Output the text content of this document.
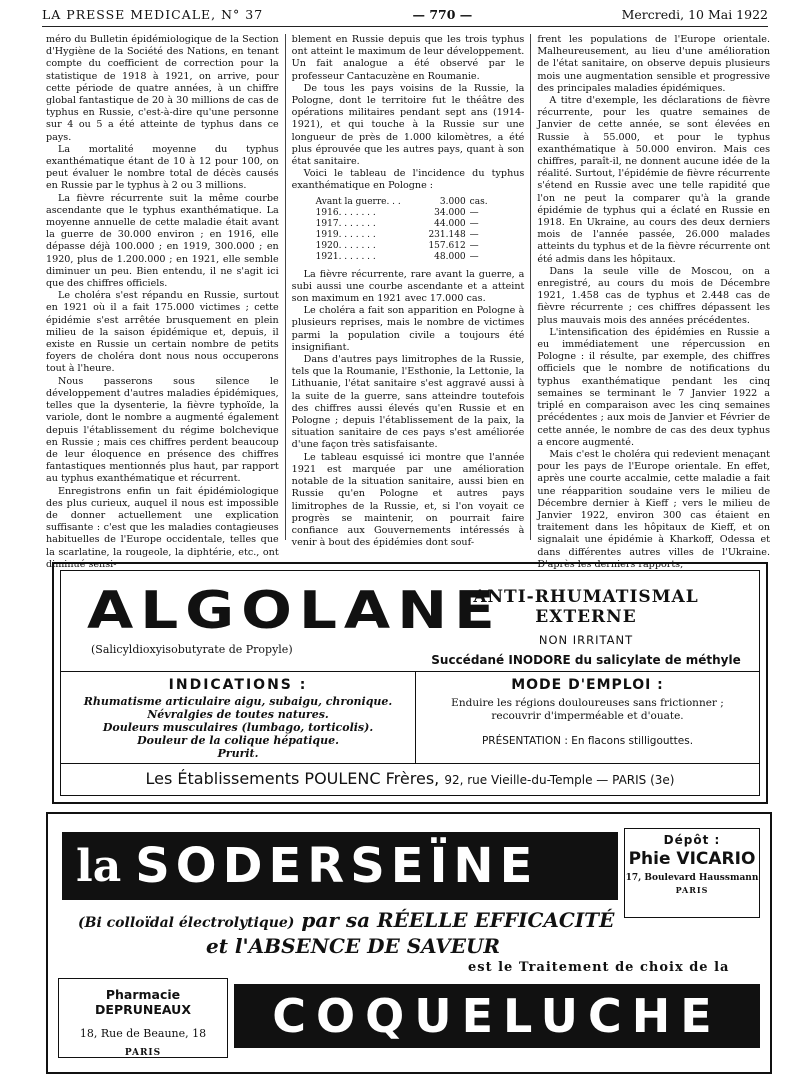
LA PRESSE MEDICALE, N° 37	— 770 —	Mercredi, 10 Mai 1922

méro du Bulletin épidémiologique de la Section d'Hygiène de la Société des Nations, en tenant compte du coefficient de correction pour la statistique de 1918 à 1921, on arrive, pour cette période de quatre années, à un chiffre global fantastique de 20 à 30 millions de cas de typhus en Russie, c'est-à-dire qu'une personne sur 4 ou 5 a été atteinte de typhus dans ce pays.

La mortalité moyenne du typhus exanthématique étant de 10 à 12 pour 100, on peut évaluer le nombre total de décès causés en Russie par le typhus à 2 ou 3 millions.

La fièvre récurrente suit la même courbe ascendante que le typhus exanthématique. La moyenne annuelle de cette maladie était avant la guerre de 30.000 environ ; en 1916, elle dépasse déjà 100.000 ; en 1919, 300.000 ; en 1920, plus de 1.200.000 ; en 1921, elle semble diminuer un peu. Bien entendu, il ne s'agit ici que des chiffres officiels.

Le choléra s'est répandu en Russie, surtout en 1921 où il a fait 175.000 victimes ; cette épidémie s'est arrêtée brusquement en plein milieu de la saison épidémique et, depuis, il existe en Russie un certain nombre de petits foyers de choléra dont nous nous occuperons tout à l'heure.

Nous passerons sous silence le développement d'autres maladies épidémiques, telles que la dysenterie, la fièvre typhoïde, la variole, dont le nombre a augmenté également depuis l'établissement du régime bolchevique en Russie ; mais ces chiffres perdent beaucoup de leur éloquence en présence des chiffres fantastiques mentionnés plus haut, par rapport au typhus exanthématique et récurrent.

Enregistrons enfin un fait épidémiologique des plus curieux, auquel il nous est impossible de donner actuellement une explication suffisante : c'est que les maladies contagieuses habituelles de l'Europe occidentale, telles que la scarlatine, la rougeole, la diphtérie, etc., ont diminué sensi-

blement en Russie depuis que les trois typhus ont atteint le maximum de leur développement. Un fait analogue a été observé par le professeur Cantacuzène en Roumanie.

De tous les pays voisins de la Russie, la Pologne, dont le territoire fut le théâtre des opérations militaires pendant sept ans (1914-1921), et qui touche à la Russie sur une longueur de près de 1.000 kilomètres, a été plus éprouvée que les autres pays, quant à son état sanitaire.

Voici le tableau de l'incidence du typhus exanthématique en Pologne :

Avant la guerre. . .	3.000 cas.
1916. . . . . . .	34.000 —
1917. . . . . . .	44.000 —
1919. . . . . . .	231.148 —
1920. . . . . . .	157.612 —
1921. . . . . . .	48.000 —

La fièvre récurrente, rare avant la guerre, a subi aussi une courbe ascendante et a atteint son maximum en 1921 avec 17.000 cas.

Le choléra a fait son apparition en Pologne à plusieurs reprises, mais le nombre de victimes parmi la population civile a toujours été insignifiant.

Dans d'autres pays limitrophes de la Russie, tels que la Roumanie, l'Esthonie, la Lettonie, la Lithuanie, l'état sanitaire s'est aggravé aussi à la suite de la guerre, sans atteindre toutefois des chiffres aussi élevés qu'en Russie et en Pologne ; depuis l'établissement de la paix, la situation sanitaire de ces pays s'est améliorée d'une façon très satisfaisante.

Le tableau esquissé ici montre que l'année 1921 est marquée par une amélioration notable de la situation sanitaire, aussi bien en Russie qu'en Pologne et autres pays limitrophes de la Russie, et, si l'on voyait ce progrès se maintenir, on pourrait faire confiance aux Gouvernements intéressés à venir à bout des épidémies dont souf-

frent les populations de l'Europe orientale. Malheureusement, au lieu d'une amélioration de l'état sanitaire, on observe depuis plusieurs mois une augmentation sensible et progressive des principales maladies épidémiques.

A titre d'exemple, les déclarations de fièvre récurrente, pour les quatre semaines de Janvier de cette année, se sont élevées en Russie à 55.000, et pour le typhus exanthématique à 50.000 environ. Mais ces chiffres, paraît-il, ne donnent aucune idée de la réalité. Surtout, l'épidémie de fièvre récurrente s'étend en Russie avec une telle rapidité que l'on ne peut la comparer qu'à la grande épidémie de typhus qui a éclaté en Russie en 1918. En Ukraine, au cours des deux derniers mois de l'année passée, 26.000 malades atteints du typhus et de la fièvre récurrente ont été admis dans les hôpitaux.

Dans la seule ville de Moscou, on a enregistré, au cours du mois de Décembre 1921, 1.458 cas de typhus et 2.448 cas de fièvre récurrente ; ces chiffres dépassent les plus mauvais mois des années précédentes.

L'intensification des épidémies en Russie a eu immédiatement une répercussion en Pologne : il résulte, par exemple, des chiffres officiels que le nombre de notifications du typhus exanthématique pendant les cinq semaines se terminant le 7 Janvier 1922 a triplé en comparaison avec les cinq semaines précédentes ; aux mois de Janvier et Février de cette année, le nombre de cas des deux typhus a encore augmenté.

Mais c'est le choléra qui redevient menaçant pour les pays de l'Europe orientale. En effet, après une courte accalmie, cette maladie a fait une réapparition soudaine vers le milieu de Décembre dernier à Kieff ; vers le milieu de Janvier 1922, environ 300 cas étaient en traitement dans les hôpitaux de Kieff, et on signalait une épidémie à Kharkoff, Odessa et dans différentes autres villes de l'Ukraine. D'après les derniers rapports,

ALGOLANE
(Salicyldioxyisobutyrate de Propyle)
ANTI-RHUMATISMAL EXTERNE
NON IRRITANT
Succédané INODORE du salicylate de méthyle
INDICATIONS :
Rhumatisme articulaire aigu, subaigu, chronique.
Névralgies de toutes natures.
Douleurs musculaires (lumbago, torticolis).
Douleur de la colique hépatique.
Prurit.
MODE D'EMPLOI :
Enduire les régions douloureuses sans frictionner ;
recouvrir d'imperméable et d'ouate.
PRÉSENTATION : En flacons stilligouttes.
Les Établissements POULENC Frères, 92, rue Vieille-du-Temple — PARIS (3e)
la SODERSEÏNE	Dépôt :
Phie VICARIO
17, Boulevard Haussmann
PARIS
(Bi colloïdal électrolytique) par sa RÉELLE EFFICACITÉ
et l'ABSENCE DE SAVEUR
est le Traitement de choix de la
Pharmacie DEPRUNEAUX
18, Rue de Beaune, 18
PARIS
COQUELUCHE
